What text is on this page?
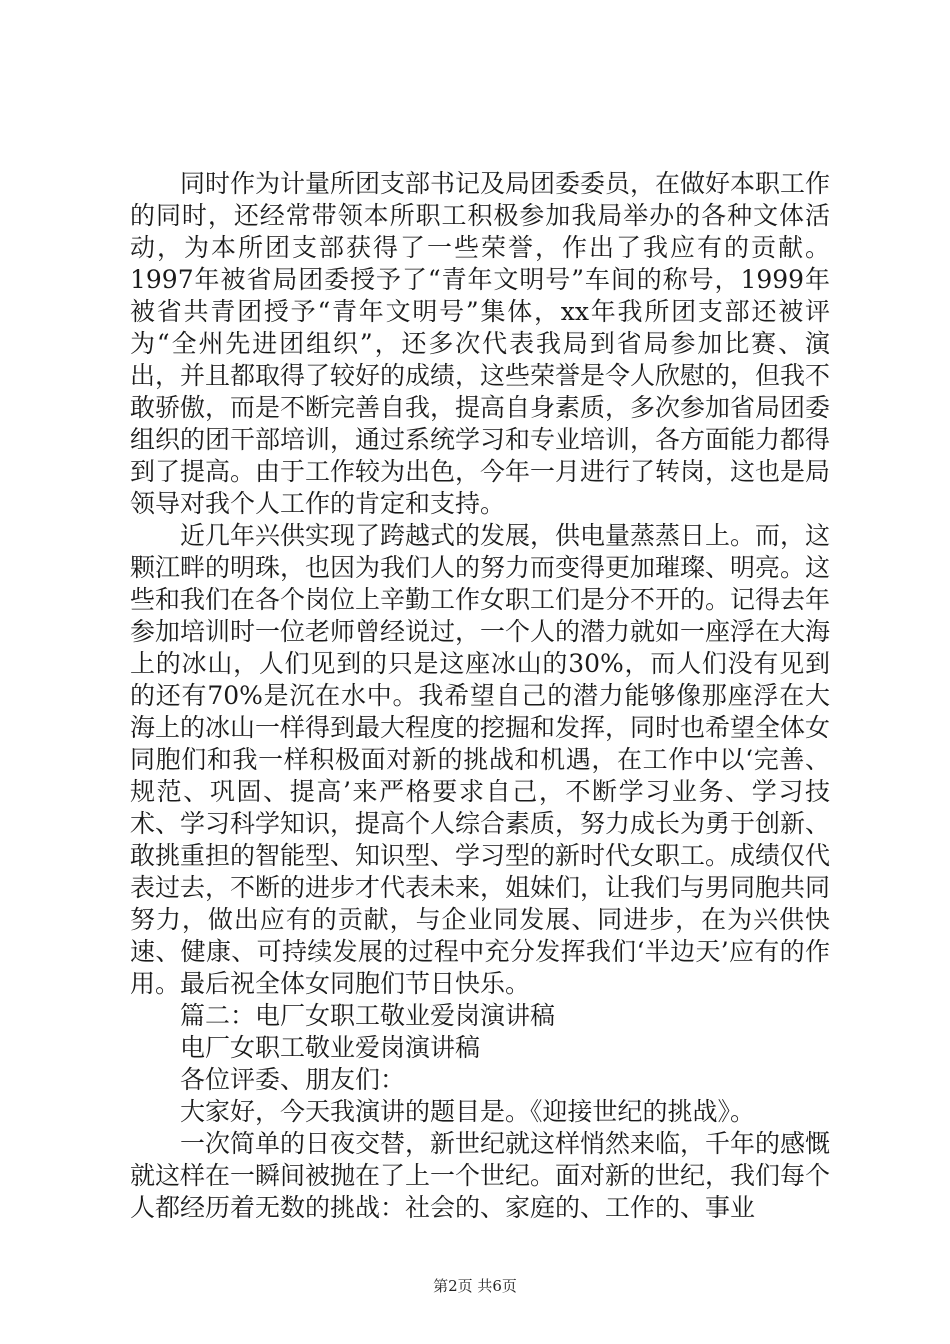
同时作为计量所团支部书记及局团委委员，在做好本职工作的同时，还经常带领本所职工积极参加我局举办的各种文体活动，为本所团支部获得了一些荣誉，作出了我应有的贡献。1997年被省局团委授予了“青年文明号”车间的称号，1999年被省共青团授予“青年文明号”集体，xx年我所团支部还被评为“全州先进团组织”，还多次代表我局到省局参加比赛、演出，并且都取得了较好的成绩，这些荣誉是令人欣慰的，但我不敢骄傲，而是不断完善自我，提高自身素质，多次参加省局团委组织的团干部培训，通过系统学习和专业培训，各方面能力都得到了提高。由于工作较为出色，今年一月进行了转岗，这也是局领导对我个人工作的肯定和支持。

近几年兴供实现了跨越式的发展，供电量蒸蒸日上。而，这颗江畔的明珠，也因为我们人的努力而变得更加璀璨、明亮。这些和我们在各个岗位上辛勤工作女职工们是分不开的。记得去年参加培训时一位老师曾经说过，一个人的潜力就如一座浮在大海上的冰山，人们见到的只是这座冰山的30%，而人们没有见到的还有70%是沉在水中。我希望自己的潜力能够像那座浮在大海上的冰山一样得到最大程度的挖掘和发挥，同时也希望全体女同胞们和我一样积极面对新的挑战和机遇，在工作中以‘完善、规范、巩固、提高’来严格要求自己，不断学习业务、学习技术、学习科学知识，提高个人综合素质，努力成长为勇于创新、敢挑重担的智能型、知识型、学习型的新时代女职工。成绩仅代表过去，不断的进步才代表未来，姐妹们，让我们与男同胞共同努力，做出应有的贡献，与企业同发展、同进步，在为兴供快速、健康、可持续发展的过程中充分发挥我们‘半边天’应有的作用。最后祝全体女同胞们节日快乐。

篇二：电厂女职工敬业爱岗演讲稿

电厂女职工敬业爱岗演讲稿

各位评委、朋友们：

大家好，今天我演讲的题目是。《迎接世纪的挑战》。

一次简单的日夜交替，新世纪就这样悄然来临，千年的感慨就这样在一瞬间被抛在了上一个世纪。面对新的世纪，我们每个人都经历着无数的挑战：社会的、家庭的、工作的、事业

第2页 共6页
